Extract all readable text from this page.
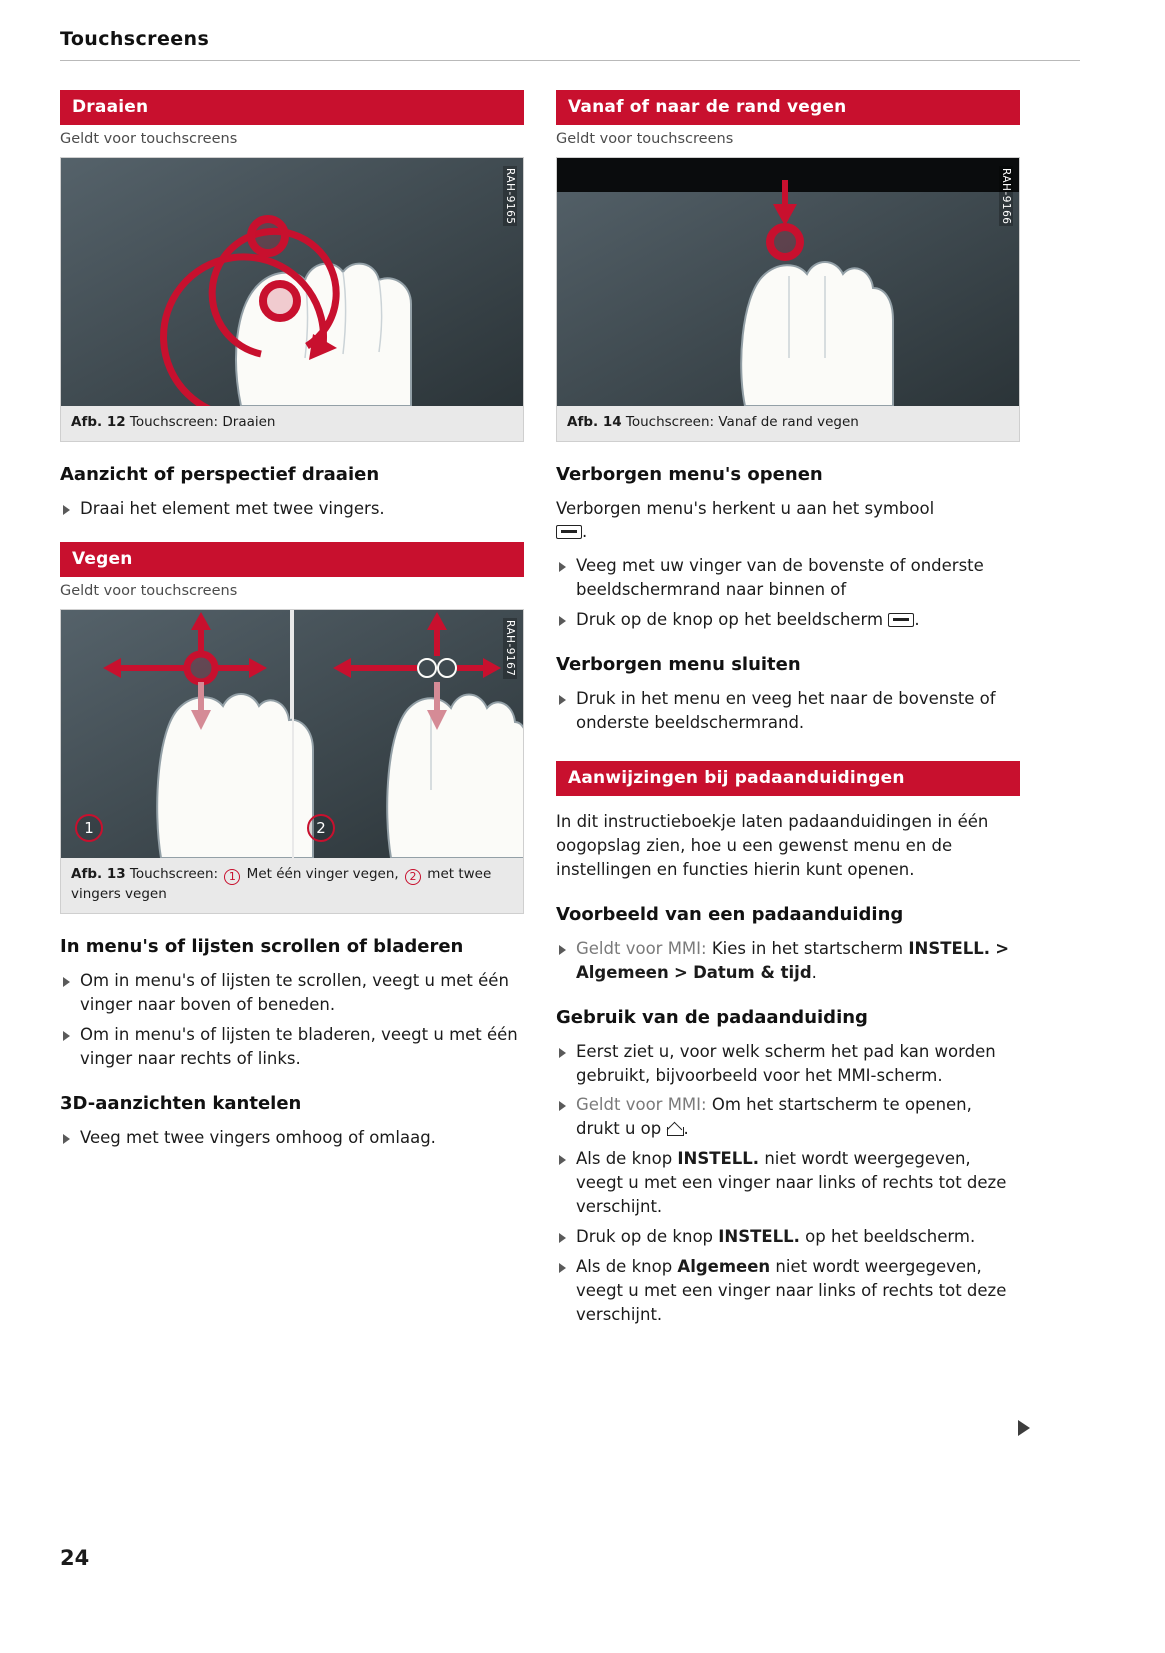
Touchscreens
Draaien
Geldt voor touchscreens
RAH-9165
Afb. 12 Touchscreen: Draaien
Aanzicht of perspectief draaien
Draai het element met twee vingers.
Vegen
Geldt voor touchscreens
1	2
RAH-9167
Afb. 13 Touchscreen: 1 Met één vinger vegen, 2 met twee vingers vegen
In menu's of lijsten scrollen of bladeren
Om in menu's of lijsten te scrollen, veegt u met één vinger naar boven of beneden.
Om in menu's of lijsten te bladeren, veegt u met één vinger naar rechts of links.
3D-aanzichten kantelen
Veeg met twee vingers omhoog of omlaag.
Vanaf of naar de rand vegen
Geldt voor touchscreens
RAH-9166
Afb. 14 Touchscreen: Vanaf de rand vegen
Verborgen menu's openen

Verborgen menu's herkent u aan het symbool
.

Veeg met uw vinger van de bovenste of onderste beeldschermrand naar binnen of
Druk op de knop op het beeldscherm .
Verborgen menu sluiten
Druk in het menu en veeg het naar de bovenste of onderste beeldschermrand.
Aanwijzingen bij padaanduidingen

In dit instructieboekje laten padaanduidingen in één oogopslag zien, hoe u een gewenst menu en de instellingen en functies hierin kunt openen.

Voorbeeld van een padaanduiding
Geldt voor MMI: Kies in het startscherm INSTELL. > Algemeen > Datum & tijd.
Gebruik van de padaanduiding
Eerst ziet u, voor welk scherm het pad kan worden gebruikt, bijvoorbeeld voor het MMI-scherm.
Geldt voor MMI: Om het startscherm te openen, drukt u op .
Als de knop INSTELL. niet wordt weergegeven, veegt u met een vinger naar links of rechts tot deze verschijnt.
Druk op de knop INSTELL. op het beeldscherm.
Als de knop Algemeen niet wordt weergegeven, veegt u met een vinger naar links of rechts tot deze verschijnt.
24
